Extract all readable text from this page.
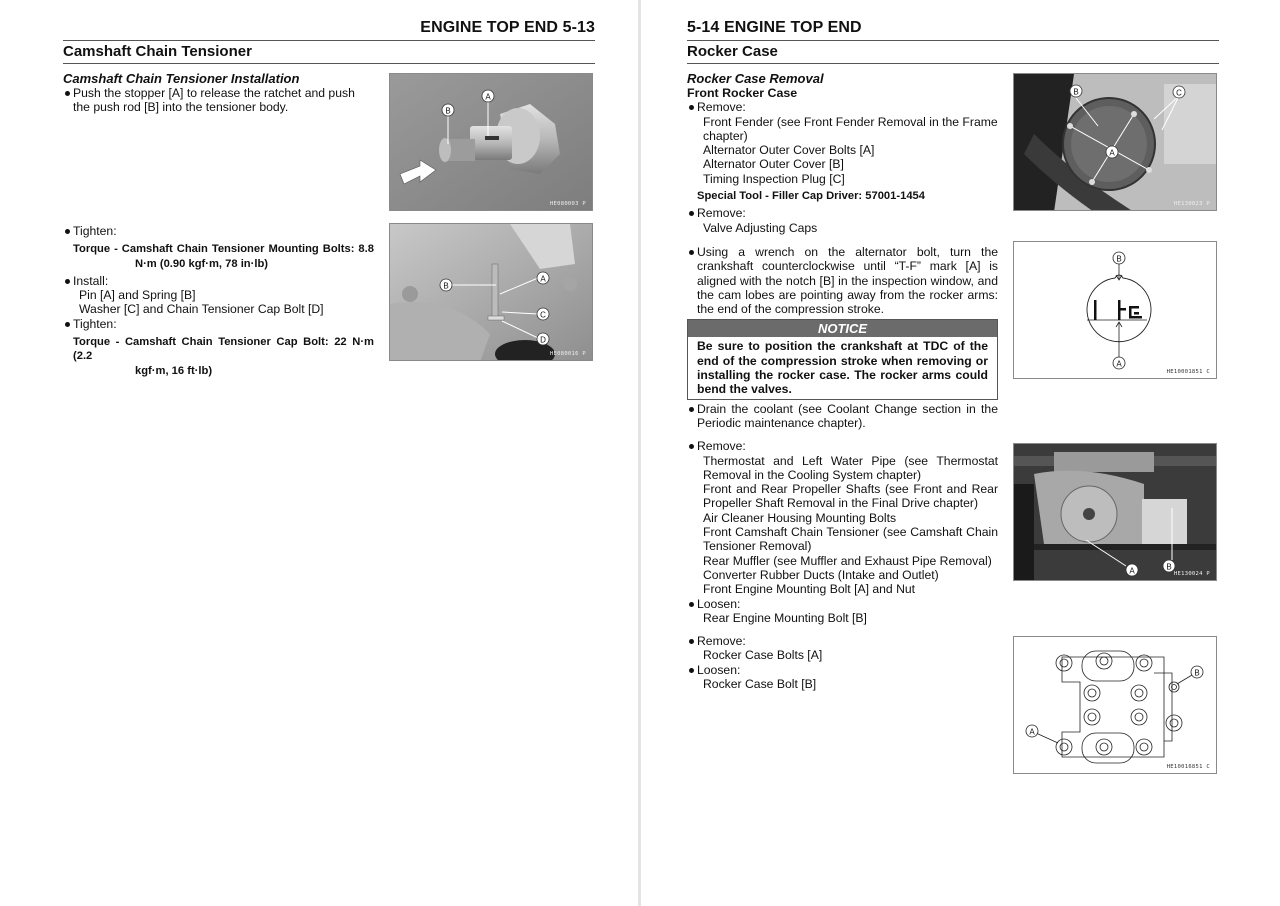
ENGINE TOP END 5-13
Camshaft Chain Tensioner
Camshaft Chain Tensioner Installation
Push the stopper [A] to release the ratchet and push the push rod [B] into the tensioner body.
Tighten:
Torque - Camshaft Chain Tensioner Mounting Bolts: 8.8
N·m (0.90 kgf·m, 78 in·lb)
Install:
Pin [A] and Spring [B]
Washer [C] and Chain Tensioner Cap Bolt [D]
Tighten:
Torque - Camshaft Chain Tensioner Cap Bolt: 22 N·m (2.2
kgf·m, 16 ft·lb)
A
B
HE080003 P
B
A
C
D
HE080016 P
5-14 ENGINE TOP END
Rocker Case
Rocker Case Removal
Front Rocker Case
Remove:
Front Fender (see Front Fender Removal in the Frame chapter)
Alternator Outer Cover Bolts [A]
Alternator Outer Cover [B]
Timing Inspection Plug [C]
Special Tool - Filler Cap Driver: 57001-1454
Remove:
Valve Adjusting Caps
Using a wrench on the alternator bolt, turn the crankshaft counterclockwise until “T-F” mark [A] is aligned with the notch [B] in the inspection window, and the cam lobes are pointing away from the rocker arms: the end of the compression stroke.
NOTICE
Be sure to position the crankshaft at TDC of the end of the compression stroke when removing or installing the rocker case. The rocker arms could bend the valves.
Drain the coolant (see Coolant Change section in the Periodic maintenance chapter).
Remove:
Thermostat and Left Water Pipe (see Thermostat Removal in the Cooling System chapter)
Front and Rear Propeller Shafts (see Front and Rear Propeller Shaft Removal in the Final Drive chapter)
Air Cleaner Housing Mounting Bolts
Front Camshaft Chain Tensioner (see Camshaft Chain Tensioner Removal)
Rear Muffler (see Muffler and Exhaust Pipe Removal)
Converter Rubber Ducts (Intake and Outlet)
Front Engine Mounting Bolt [A] and Nut
Loosen:
Rear Engine Mounting Bolt [B]
Remove:
Rocker Case Bolts [A]
Loosen:
Rocker Case Bolt [B]
A
B	C
HE130023 P
B
A
HE10001851 C
A	B
HE130024 P
A
B
HE10016851 C
